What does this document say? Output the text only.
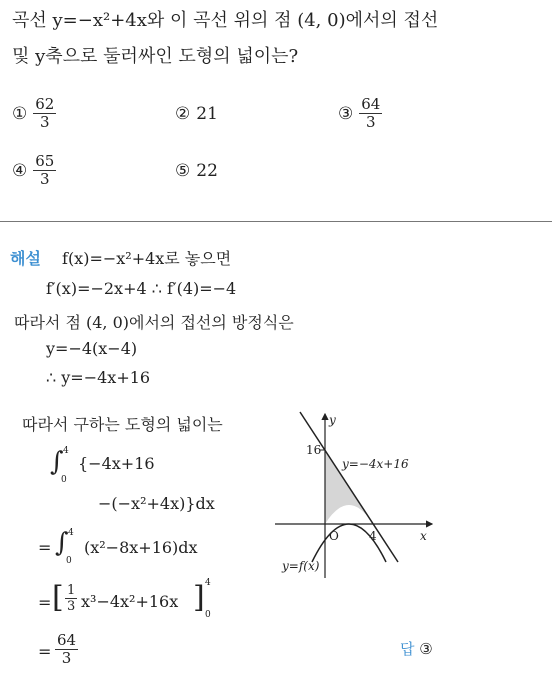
곡선 y=−x²+4x와 이 곡선 위의 점 (4, 0)에서의 접선
및 y축으로 둘러싸인 도형의 넓이는?
① $\frac{62}{3}$	② 21	③ $\frac{64}{3}$
④ $\frac{65}{3}$	⑤ 22
해설 f(x)=−x²+4x로 놓으면
f′(x)=−2x+4 ∴ f′(4)=−4
따라서 점 (4, 0)에서의 접선의 방정식은
y=−4(x−4)
∴ y=−4x+16
따라서 구하는 도형의 넓이는
∫ 4
0
{−4x+16
−(−x²+4x)}dx
= ∫ 4
0
(x²−8x+16)dx
= [ $\frac{1}{3} x^3-4x^2+16x$ ] 4
0
= $\frac{64}{3}$	답 ③
y
x
O
16
4
y=−4x+16
y=f(x)
